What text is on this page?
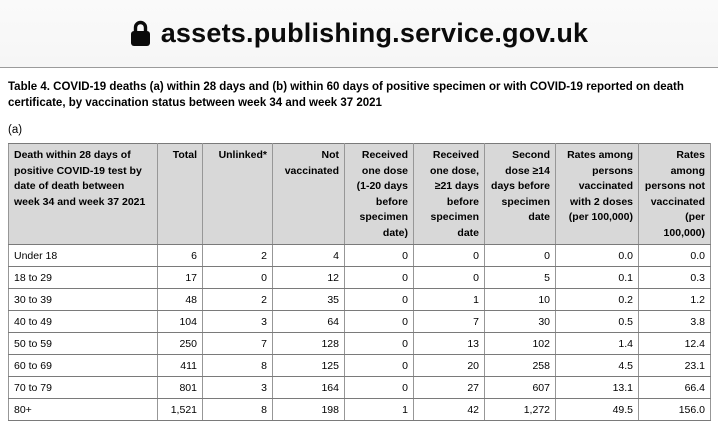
assets.publishing.service.gov.uk
Table 4. COVID-19 deaths (a) within 28 days and (b) within 60 days of positive specimen or with COVID-19 reported on death certificate, by vaccination status between week 34 and week 37 2021
(a)
Death within 28 days of positive COVID-19 test by date of death between week 34 and week 37 2021	Total	Unlinked*	Not vaccinated	Received one dose (1-20 days before specimen date)	Received one dose, ≥21 days before specimen date	Second dose ≥14 days before specimen date	Rates among persons vaccinated with 2 doses (per 100,000)	Rates among persons not vaccinated (per 100,000)
Under 18	6	2	4	0	0	0	0.0	0.0
18 to 29	17	0	12	0	0	5	0.1	0.3
30 to 39	48	2	35	0	1	10	0.2	1.2
40 to 49	104	3	64	0	7	30	0.5	3.8
50 to 59	250	7	128	0	13	102	1.4	12.4
60 to 69	411	8	125	0	20	258	4.5	23.1
70 to 79	801	3	164	0	27	607	13.1	66.4
80+	1,521	8	198	1	42	1,272	49.5	156.0
